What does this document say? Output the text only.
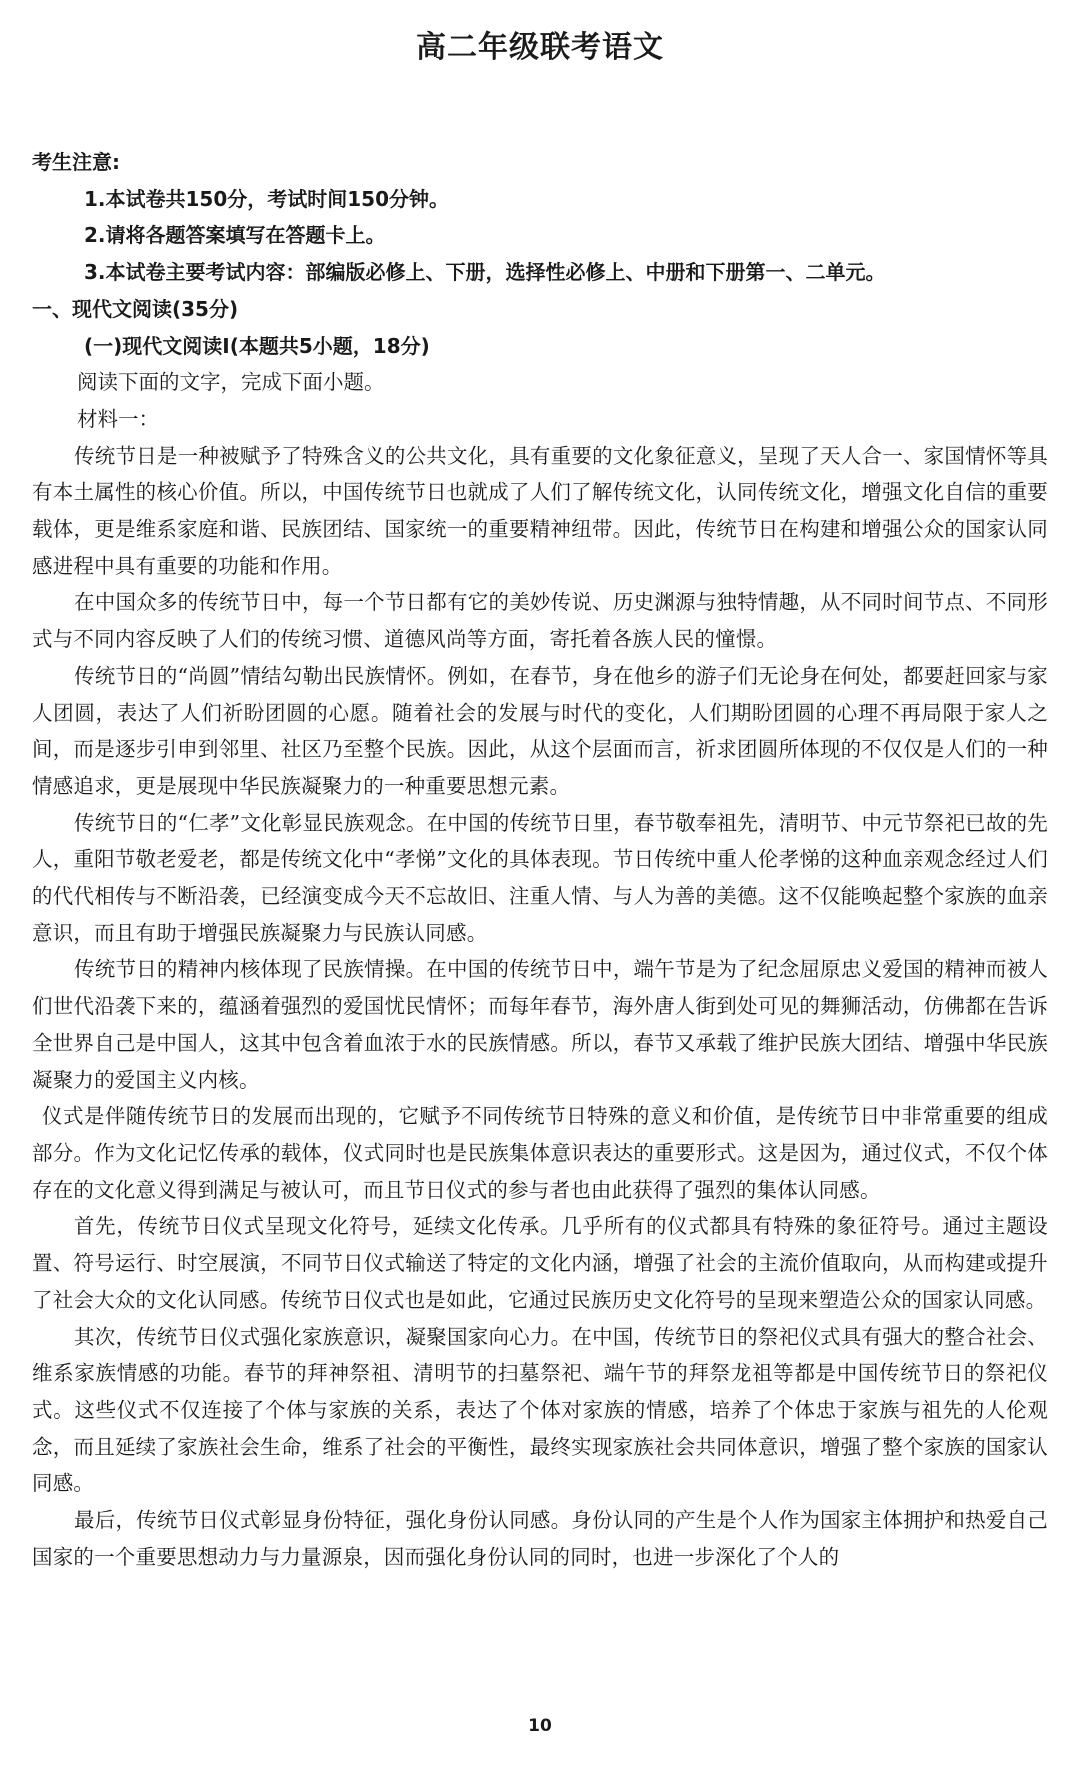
高二年级联考语文

考生注意:

1.本试卷共150分，考试时间150分钟。

2.请将各题答案填写在答题卡上。

3.本试卷主要考试内容：部编版必修上、下册，选择性必修上、中册和下册第一、二单元。

一、现代文阅读(35分)

(一)现代文阅读Ⅰ(本题共5小题，18分)

阅读下面的文字，完成下面小题。

材料一：

传统节日是一种被赋予了特殊含义的公共文化，具有重要的文化象征意义，呈现了天人合一、家国情怀等具有本土属性的核心价值。所以，中国传统节日也就成了人们了解传统文化，认同传统文化，增强文化自信的重要载体，更是维系家庭和谐、民族团结、国家统一的重要精神纽带。因此，传统节日在构建和增强公众的国家认同感进程中具有重要的功能和作用。

在中国众多的传统节日中，每一个节日都有它的美妙传说、历史渊源与独特情趣，从不同时间节点、不同形式与不同内容反映了人们的传统习惯、道德风尚等方面，寄托着各族人民的憧憬。

传统节日的“尚圆”情结勾勒出民族情怀。例如，在春节，身在他乡的游子们无论身在何处，都要赶回家与家人团圆，表达了人们祈盼团圆的心愿。随着社会的发展与时代的变化，人们期盼团圆的心理不再局限于家人之间，而是逐步引申到邻里、社区乃至整个民族。因此，从这个层面而言，祈求团圆所体现的不仅仅是人们的一种情感追求，更是展现中华民族凝聚力的一种重要思想元素。

传统节日的“仁孝”文化彰显民族观念。在中国的传统节日里，春节敬奉祖先，清明节、中元节祭祀已故的先人，重阳节敬老爱老，都是传统文化中“孝悌”文化的具体表现。节日传统中重人伦孝悌的这种血亲观念经过人们的代代相传与不断沿袭，已经演变成今天不忘故旧、注重人情、与人为善的美德。这不仅能唤起整个家族的血亲意识，而且有助于增强民族凝聚力与民族认同感。

传统节日的精神内核体现了民族情操。在中国的传统节日中，端午节是为了纪念屈原忠义爱国的精神而被人们世代沿袭下来的，蕴涵着强烈的爱国忧民情怀；而每年春节，海外唐人街到处可见的舞狮活动，仿佛都在告诉全世界自己是中国人，这其中包含着血浓于水的民族情感。所以，春节又承载了维护民族大团结、增强中华民族凝聚力的爱国主义内核。

仪式是伴随传统节日的发展而出现的，它赋予不同传统节日特殊的意义和价值，是传统节日中非常重要的组成部分。作为文化记忆传承的载体，仪式同时也是民族集体意识表达的重要形式。这是因为，通过仪式，不仅个体存在的文化意义得到满足与被认可，而且节日仪式的参与者也由此获得了强烈的集体认同感。

首先，传统节日仪式呈现文化符号，延续文化传承。几乎所有的仪式都具有特殊的象征符号。通过主题设置、符号运行、时空展演，不同节日仪式输送了特定的文化内涵，增强了社会的主流价值取向，从而构建或提升了社会大众的文化认同感。传统节日仪式也是如此，它通过民族历史文化符号的呈现来塑造公众的国家认同感。

其次，传统节日仪式强化家族意识，凝聚国家向心力。在中国，传统节日的祭祀仪式具有强大的整合社会、维系家族情感的功能。春节的拜神祭祖、清明节的扫墓祭祀、端午节的拜祭龙祖等都是中国传统节日的祭祀仪式。这些仪式不仅连接了个体与家族的关系，表达了个体对家族的情感，培养了个体忠于家族与祖先的人伦观念，而且延续了家族社会生命，维系了社会的平衡性，最终实现家族社会共同体意识，增强了整个家族的国家认同感。

最后，传统节日仪式彰显身份特征，强化身份认同感。身份认同的产生是个人作为国家主体拥护和热爱自己国家的一个重要思想动力与力量源泉，因而强化身份认同的同时，也进一步深化了个人的

10
